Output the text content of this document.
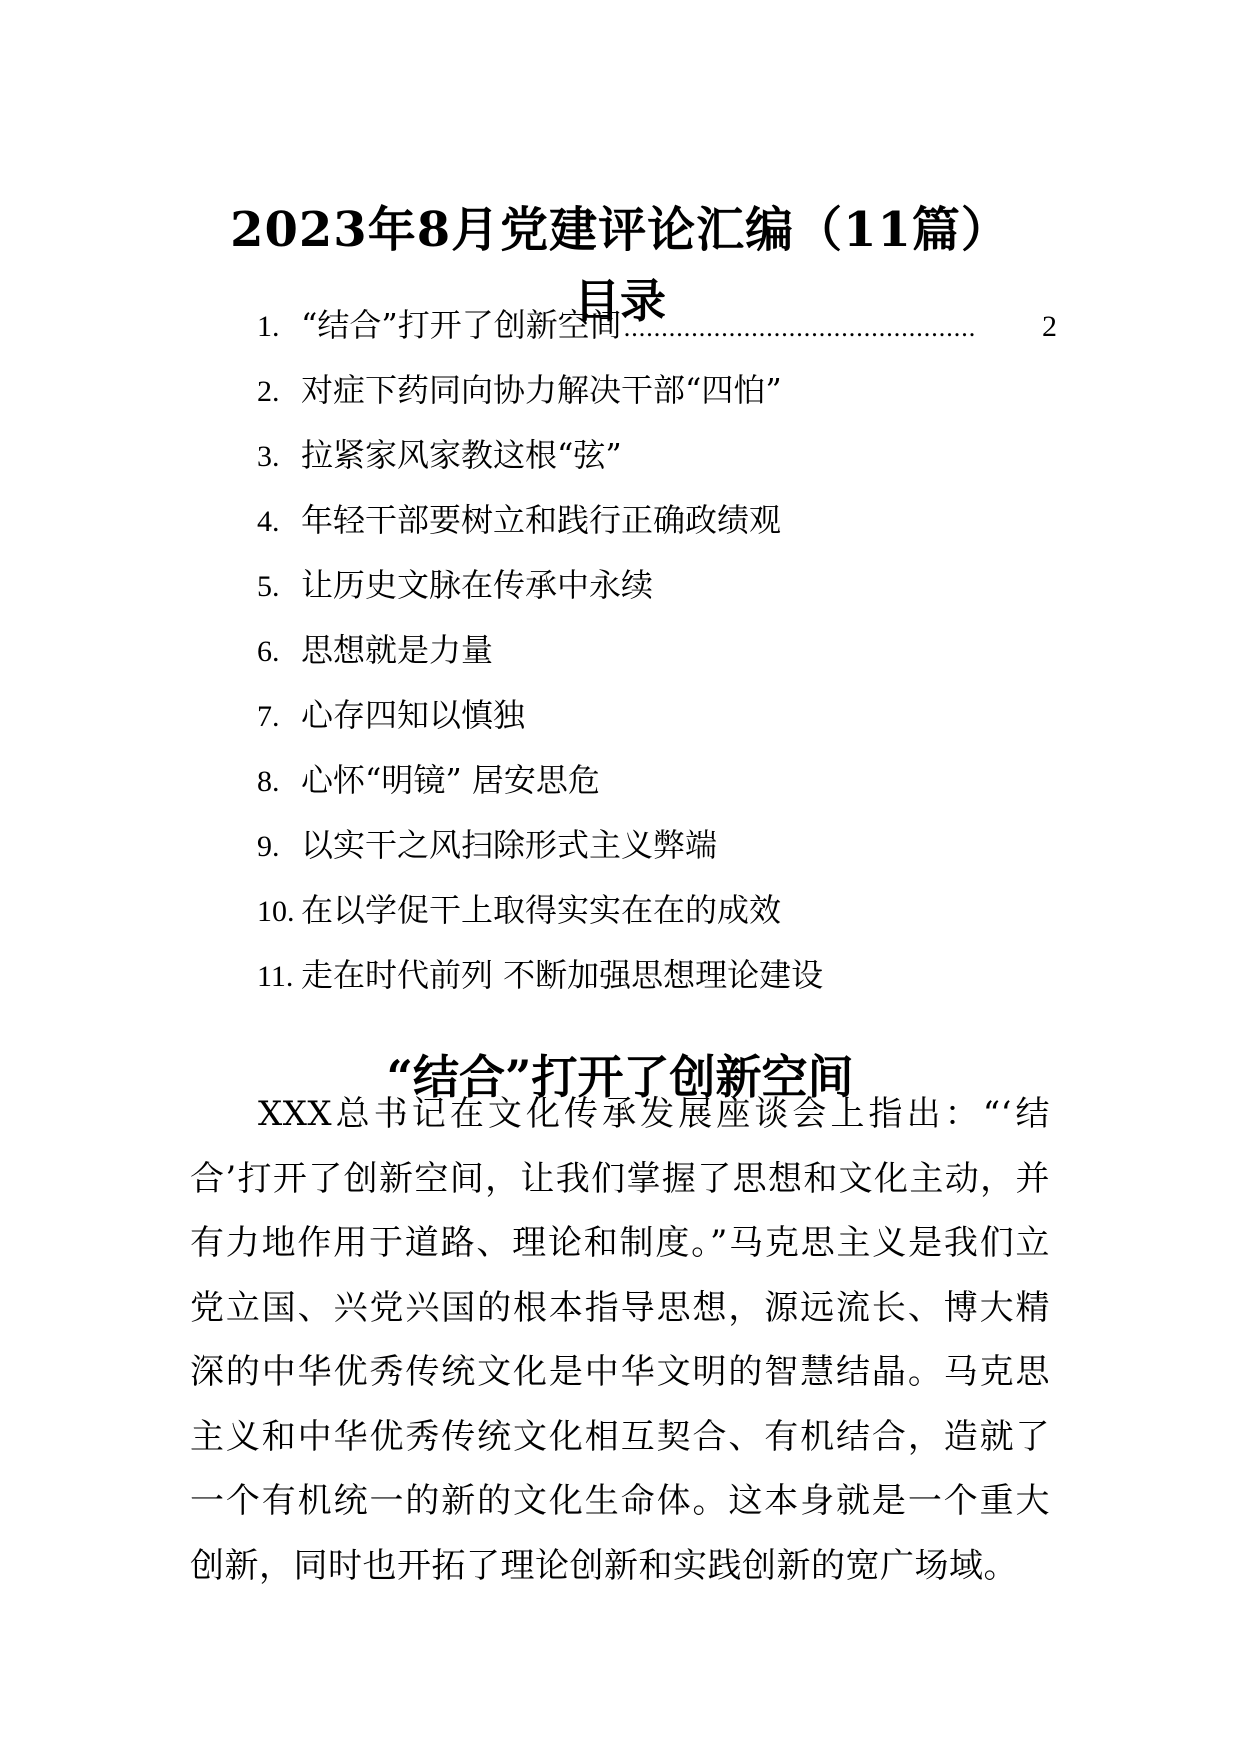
2023年8月党建评论汇编（11篇）
目录
1. “结合”打开了创新空间 ...............................................	2
2. 对症下药同向协力解决干部“四怕”
3. 拉紧家风家教这根“弦”
4. 年轻干部要树立和践行正确政绩观
5. 让历史文脉在传承中永续
6. 思想就是力量
7. 心存四知以慎独
8. 心怀“明镜” 居安思危
9. 以实干之风扫除形式主义弊端
10. 在以学促干上取得实实在在的成效
11. 走在时代前列 不断加强思想理论建设
“结合”打开了创新空间

XXX总书记在文化传承发展座谈会上指出：“‘结合’打开了创新空间，让我们掌握了思想和文化主动，并有力地作用于道路、理论和制度。”马克思主义是我们立党立国、兴党兴国的根本指导思想，源远流长、博大精深的中华优秀传统文化是中华文明的智慧结晶。马克思主义和中华优秀传统文化相互契合、有机结合，造就了一个有机统一的新的文化生命体。这本身就是一个重大创新，同时也开拓了理论创新和实践创新的宽广场域。
